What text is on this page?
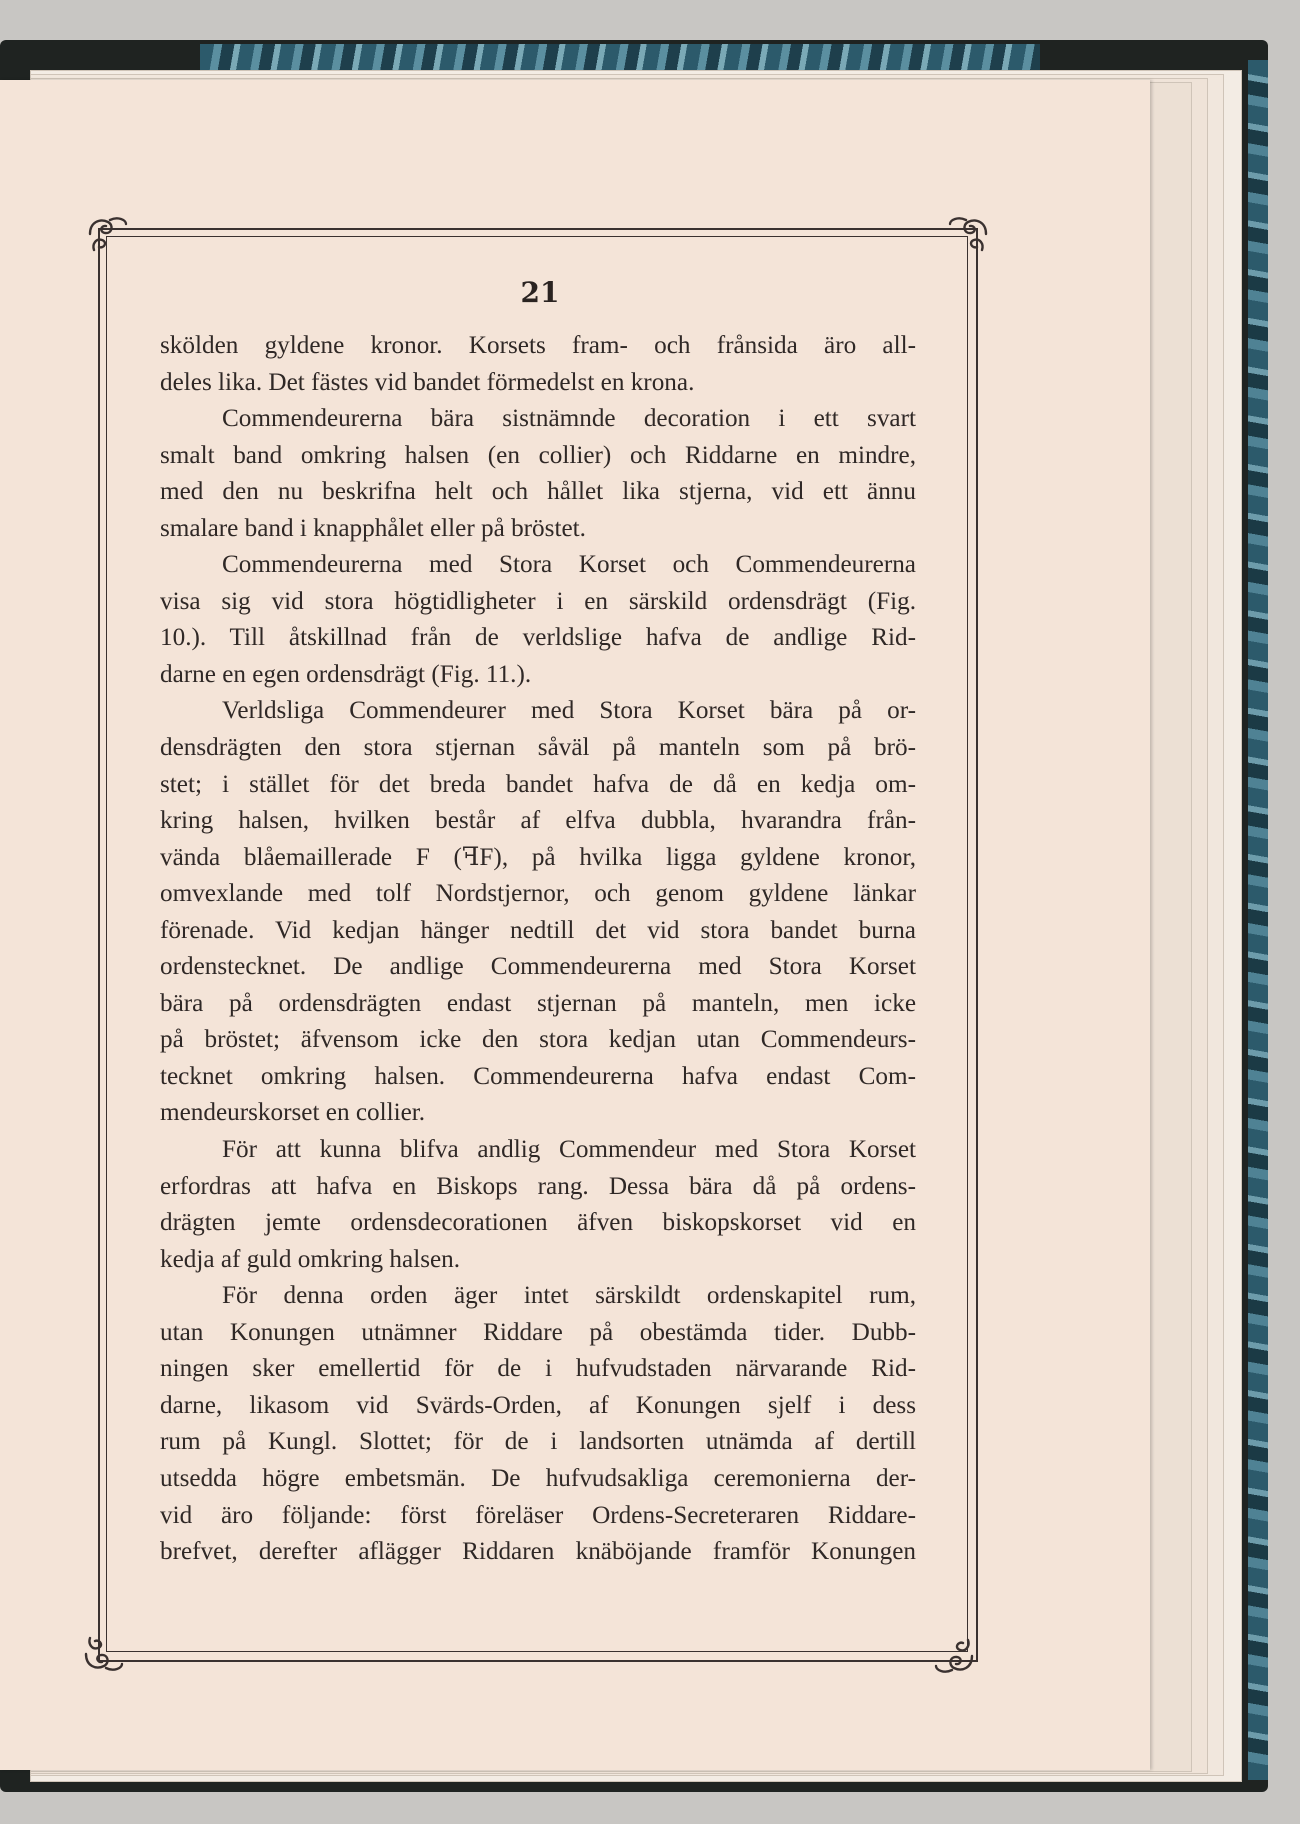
21
skölden gyldene kronor. Korsets fram- och frånsida äro all-
deles lika. Det fästes vid bandet förmedelst en krona.
Commendeurerna bära sistnämnde decoration i ett svart
smalt band omkring halsen (en collier) och Riddarne en mindre,
med den nu beskrifna helt och hållet lika stjerna, vid ett ännu
smalare band i knapphålet eller på bröstet.
Commendeurerna med Stora Korset och Commendeurerna
visa sig vid stora högtidligheter i en särskild ordensdrägt (Fig.
10.). Till åtskillnad från de verldslige hafva de andlige Rid-
darne en egen ordensdrägt (Fig. 11.).
Verldsliga Commendeurer med Stora Korset bära på or-
densdrägten den stora stjernan såväl på manteln som på brö-
stet; i stället för det breda bandet hafva de då en kedja om-
kring halsen, hvilken består af elfva dubbla, hvarandra från-
vända blåemaillerade F (ꟻF), på hvilka ligga gyldene kronor,
omvexlande med tolf Nordstjernor, och genom gyldene länkar
förenade. Vid kedjan hänger nedtill det vid stora bandet burna
ordenstecknet. De andlige Commendeurerna med Stora Korset
bära på ordensdrägten endast stjernan på manteln, men icke
på bröstet; äfvensom icke den stora kedjan utan Commendeurs-
tecknet omkring halsen. Commendeurerna hafva endast Com-
mendeurskorset en collier.
För att kunna blifva andlig Commendeur med Stora Korset
erfordras att hafva en Biskops rang. Dessa bära då på ordens-
drägten jemte ordensdecorationen äfven biskopskorset vid en
kedja af guld omkring halsen.
För denna orden äger intet särskildt ordenskapitel rum,
utan Konungen utnämner Riddare på obestämda tider. Dubb-
ningen sker emellertid för de i hufvudstaden närvarande Rid-
darne, likasom vid Svärds-Orden, af Konungen sjelf i dess
rum på Kungl. Slottet; för de i landsorten utnämda af dertill
utsedda högre embetsmän. De hufvudsakliga ceremonierna der-
vid äro följande: först föreläser Ordens-Secreteraren Riddare-
brefvet, derefter aflägger Riddaren knäböjande framför Konungen
